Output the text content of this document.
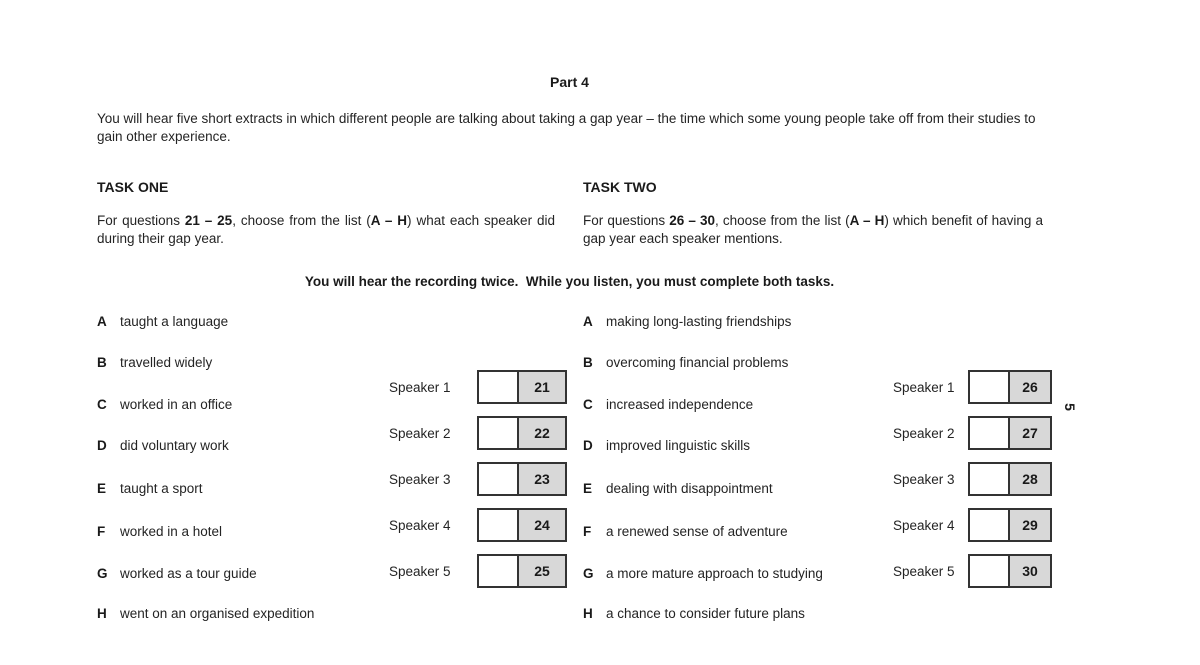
Part 4
You will hear five short extracts in which different people are talking about taking a gap year – the time which some young people take off from their studies to gain other experience.
TASK ONE	TASK TWO
For questions 21 – 25, choose from the list (A – H) what each speaker did during their gap year.
For questions 26 – 30, choose from the list (A – H) which benefit of having a gap year each speaker mentions.
You will hear the recording twice.  While you listen, you must complete both tasks.
A taught a language
B travelled widely
C worked in an office
D did voluntary work
E taught a sport
F worked in a hotel
G worked as a tour guide
H went on an organised expedition
A making long-lasting friendships
B overcoming financial problems
C increased independence
D improved linguistic skills
E dealing with disappointment
F a renewed sense of adventure
G a more mature approach to studying
H a chance to consider future plans
Speaker 1	21
Speaker 2	22
Speaker 3	23
Speaker 4	24
Speaker 5	25
Speaker 1	26
Speaker 2	27
Speaker 3	28
Speaker 4	29
Speaker 5	30
5
